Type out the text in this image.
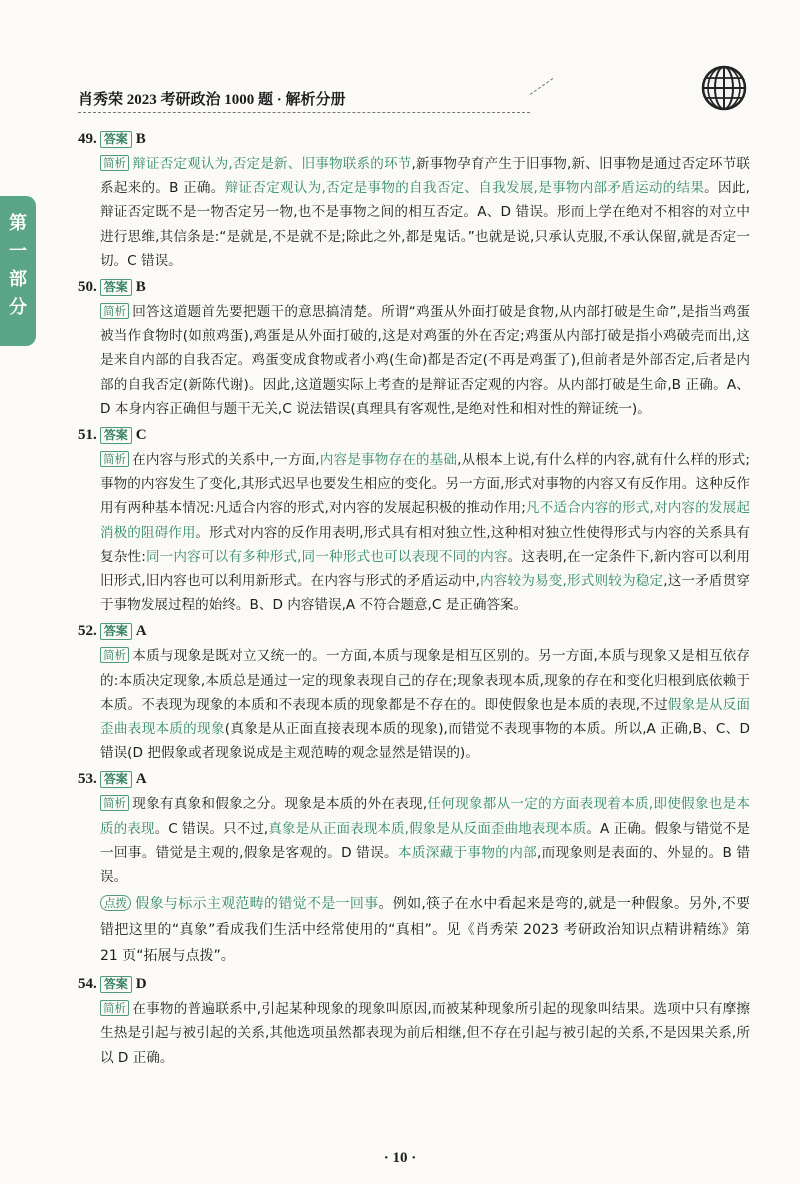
肖秀荣 2023 考研政治 1000 题 · 解析分册
第一部分
49. 答案 B
简析 辩证否定观认为,否定是新、旧事物联系的环节,新事物孕育产生于旧事物,新、旧事物是通过否定环节联系起来的。B 正确。辩证否定观认为,否定是事物的自我否定、自我发展,是事物内部矛盾运动的结果。因此,辩证否定既不是一物否定另一物,也不是事物之间的相互否定。A、D 错误。形而上学在绝对不相容的对立中进行思维,其信条是:“是就是,不是就不是;除此之外,都是鬼话。”也就是说,只承认克服,不承认保留,就是否定一切。C 错误。
50. 答案 B
简析 回答这道题首先要把题干的意思搞清楚。所谓“鸡蛋从外面打破是食物,从内部打破是生命”,是指当鸡蛋被当作食物时(如煎鸡蛋),鸡蛋是从外面打破的,这是对鸡蛋的外在否定;鸡蛋从内部打破是指小鸡破壳而出,这是来自内部的自我否定。鸡蛋变成食物或者小鸡(生命)都是否定(不再是鸡蛋了),但前者是外部否定,后者是内部的自我否定(新陈代谢)。因此,这道题实际上考查的是辩证否定观的内容。从内部打破是生命,B 正确。A、D 本身内容正确但与题干无关,C 说法错误(真理具有客观性,是绝对性和相对性的辩证统一)。
51. 答案 C
简析 在内容与形式的关系中,一方面,内容是事物存在的基础,从根本上说,有什么样的内容,就有什么样的形式;事物的内容发生了变化,其形式迟早也要发生相应的变化。另一方面,形式对事物的内容又有反作用。这种反作用有两种基本情况:凡适合内容的形式,对内容的发展起积极的推动作用;凡不适合内容的形式,对内容的发展起消极的阻碍作用。形式对内容的反作用表明,形式具有相对独立性,这种相对独立性使得形式与内容的关系具有复杂性:同一内容可以有多种形式,同一种形式也可以表现不同的内容。这表明,在一定条件下,新内容可以利用旧形式,旧内容也可以利用新形式。在内容与形式的矛盾运动中,内容较为易变,形式则较为稳定,这一矛盾贯穿于事物发展过程的始终。B、D 内容错误,A 不符合题意,C 是正确答案。
52. 答案 A
简析 本质与现象是既对立又统一的。一方面,本质与现象是相互区别的。另一方面,本质与现象又是相互依存的:本质决定现象,本质总是通过一定的现象表现自己的存在;现象表现本质,现象的存在和变化归根到底依赖于本质。不表现为现象的本质和不表现本质的现象都是不存在的。即使假象也是本质的表现,不过假象是从反面歪曲表现本质的现象(真象是从正面直接表现本质的现象),而错觉不表现事物的本质。所以,A 正确,B、C、D 错误(D 把假象或者现象说成是主观范畴的观念显然是错误的)。
53. 答案 A
简析 现象有真象和假象之分。现象是本质的外在表现,任何现象都从一定的方面表现着本质,即使假象也是本质的表现。C 错误。只不过,真象是从正面表现本质,假象是从反面歪曲地表现本质。A 正确。假象与错觉不是一回事。错觉是主观的,假象是客观的。D 错误。本质深藏于事物的内部,而现象则是表面的、外显的。B 错误。
点拨 假象与标示主观范畴的错觉不是一回事。例如,筷子在水中看起来是弯的,就是一种假象。另外,不要错把这里的“真象”看成我们生活中经常使用的“真相”。见《肖秀荣 2023 考研政治知识点精讲精练》第 21 页“拓展与点拨”。
54. 答案 D
简析 在事物的普遍联系中,引起某种现象的现象叫原因,而被某种现象所引起的现象叫结果。选项中只有摩擦生热是引起与被引起的关系,其他选项虽然都表现为前后相继,但不存在引起与被引起的关系,不是因果关系,所以 D 正确。
· 10 ·
